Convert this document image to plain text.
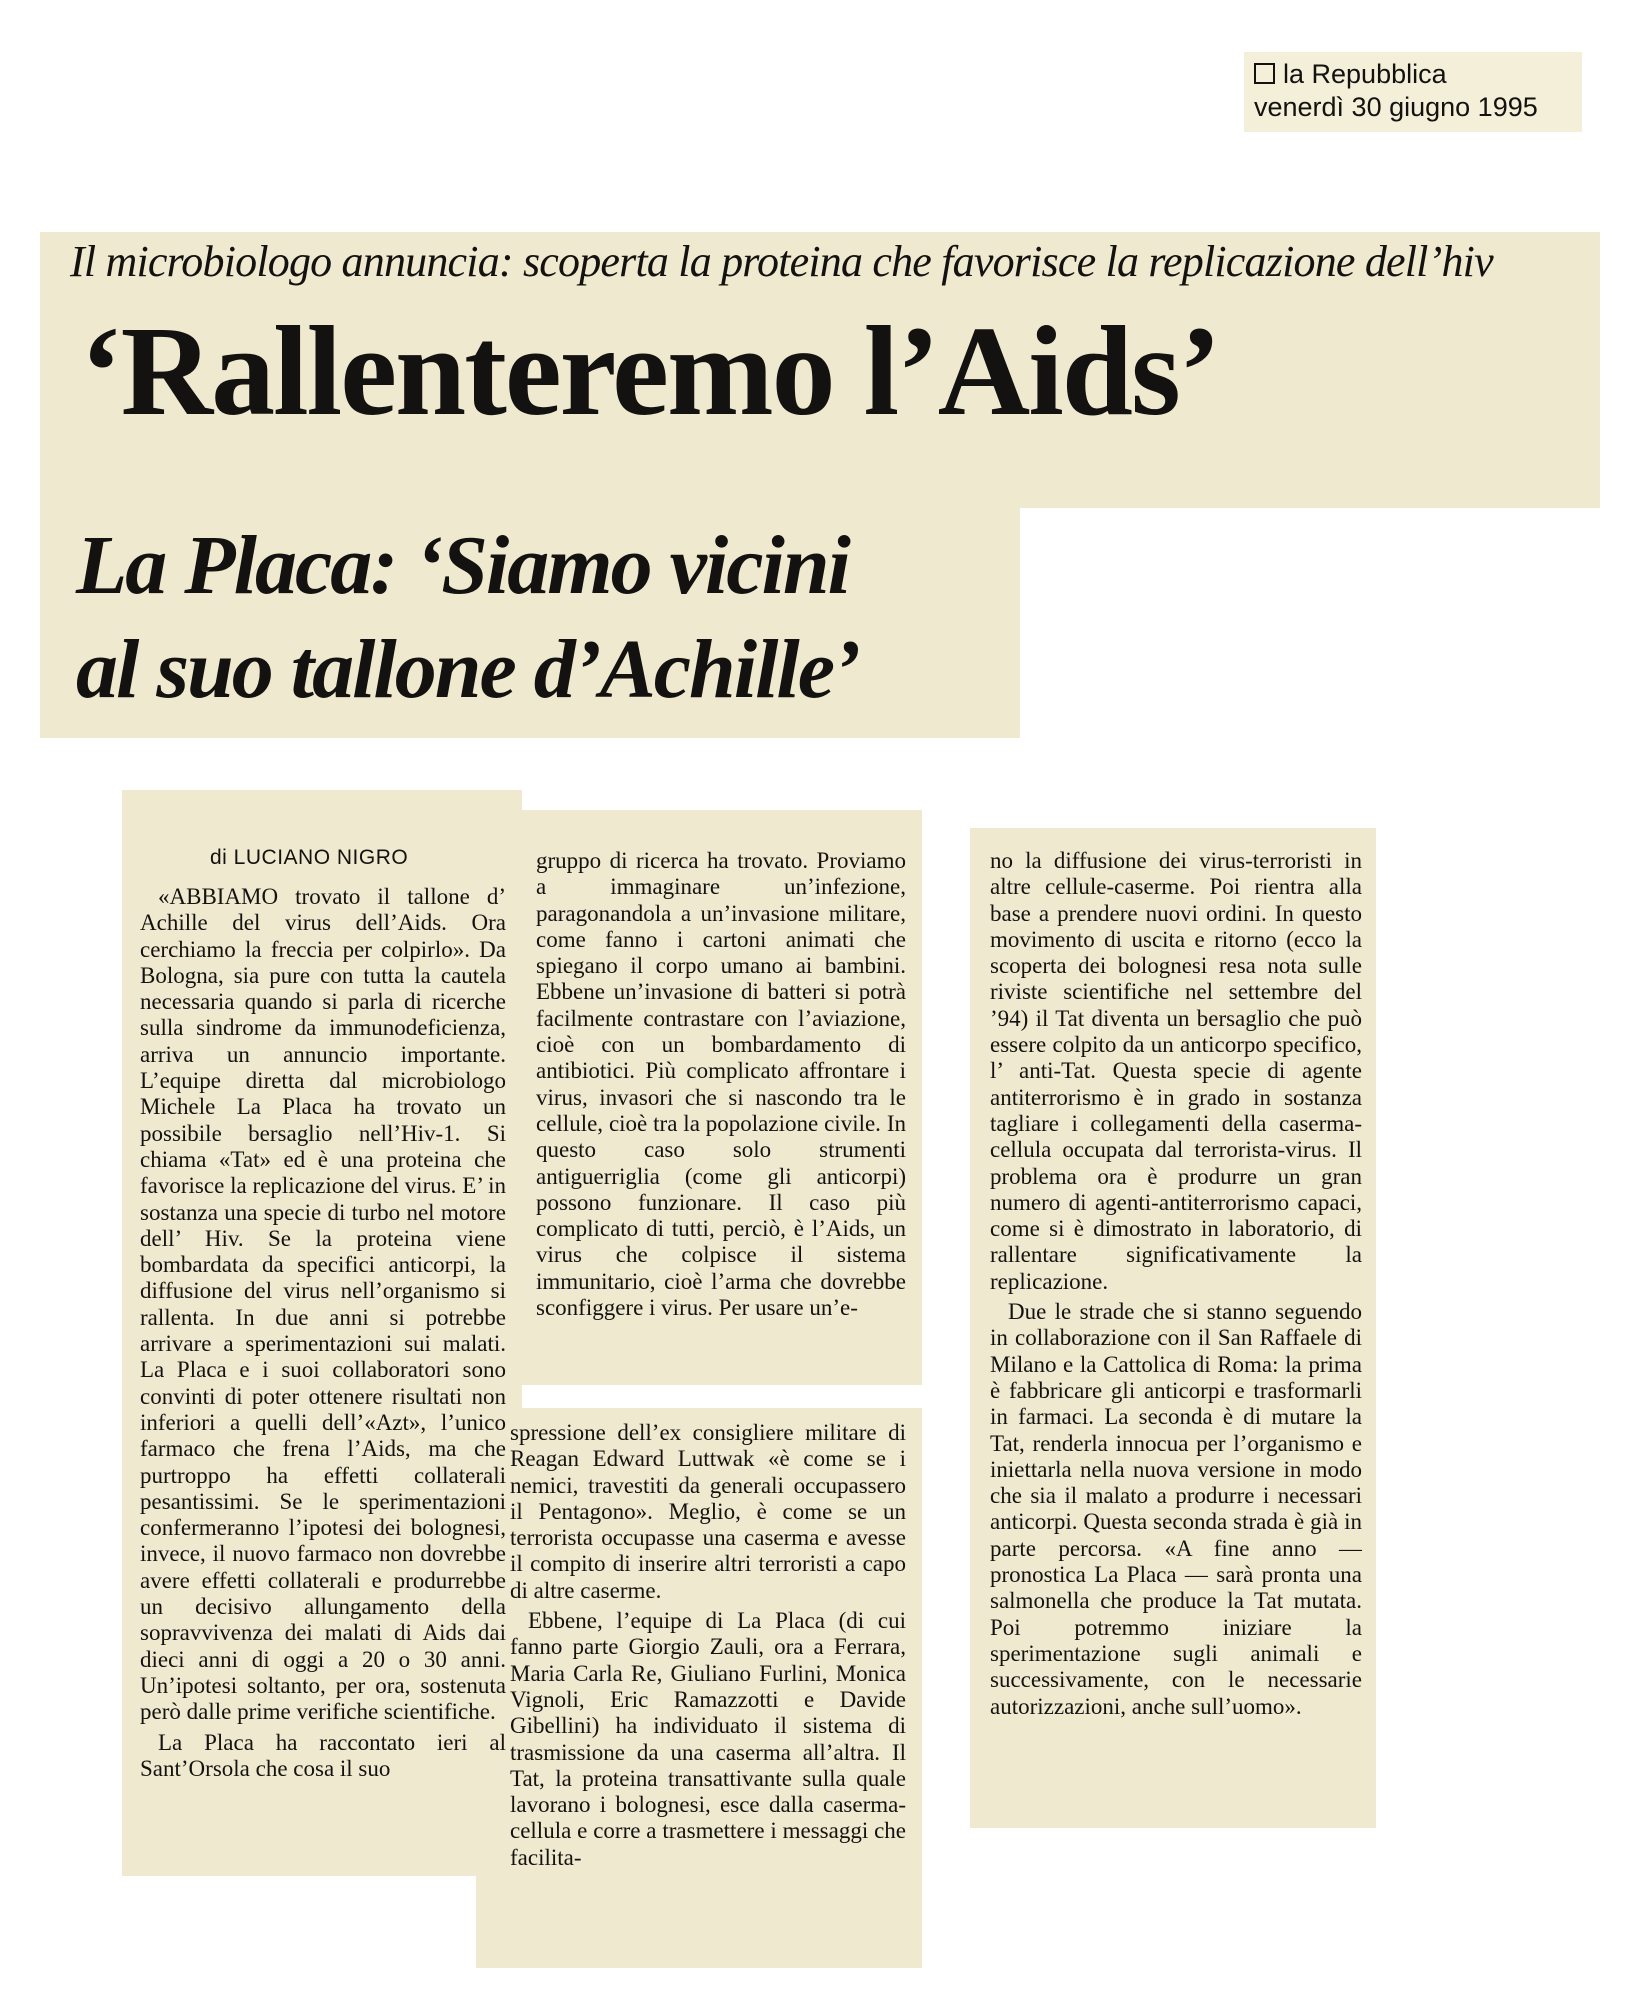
la Repubblica
venerdì 30 giugno 1995
Il microbiologo annuncia: scoperta la proteina che favorisce la replicazione dell’hiv
‘Rallenteremo l’Aids’
La Placa: ‘Siamo vicini
al suo tallone d’Achille’
di LUCIANO NIGRO

«ABBIAMO trovato il tallone d’ Achille del virus dell’Aids. Ora cerchiamo la freccia per colpirlo». Da Bologna, sia pure con tutta la cautela necessaria quando si parla di ricerche sulla sindrome da immunodeficienza, arriva un annuncio importante. L’equipe diretta dal microbiologo Michele La Placa ha trovato un possibile bersaglio nell’Hiv-1. Si chiama «Tat» ed è una proteina che favorisce la replicazione del virus. E’ in sostanza una specie di turbo nel motore dell’ Hiv. Se la proteina viene bombardata da specifici anticorpi, la diffusione del virus nell’organismo si rallenta. In due anni si potrebbe arrivare a sperimentazioni sui malati. La Placa e i suoi collaboratori sono convinti di poter ottenere risultati non inferiori a quelli dell’«Azt», l’unico farmaco che frena l’Aids, ma che purtroppo ha effetti collaterali pesantissimi. Se le sperimentazioni confermeranno l’ipotesi dei bolognesi, invece, il nuovo farmaco non dovrebbe avere effetti collaterali e produrrebbe un decisivo allungamento della sopravvivenza dei malati di Aids dai dieci anni di oggi a 20 o 30 anni. Un’ipotesi soltanto, per ora, sostenuta però dalle prime verifiche scientifiche.

La Placa ha raccontato ieri al Sant’Orsola che cosa il suo

gruppo di ricerca ha trovato. Proviamo a immaginare un’infezione, paragonandola a un’invasione militare, come fanno i cartoni animati che spiegano il corpo umano ai bambini. Ebbene un’invasione di batteri si potrà facilmente contrastare con l’aviazione, cioè con un bombardamento di antibiotici. Più complicato affrontare i virus, invasori che si nascondo tra le cellule, cioè tra la popolazione civile. In questo caso solo strumenti antiguerriglia (come gli anticorpi) possono funzionare. Il caso più complicato di tutti, perciò, è l’Aids, un virus che colpisce il sistema immunitario, cioè l’arma che dovrebbe sconfiggere i virus. Per usare un’e-

spressione dell’ex consigliere militare di Reagan Edward Luttwak «è come se i nemici, travestiti da generali occupassero il Pentagono». Meglio, è come se un terrorista occupasse una caserma e avesse il compito di inserire altri terroristi a capo di altre caserme.

Ebbene, l’equipe di La Placa (di cui fanno parte Giorgio Zauli, ora a Ferrara, Maria Carla Re, Giuliano Furlini, Monica Vignoli, Eric Ramazzotti e Davide Gibellini) ha individuato il sistema di trasmissione da una caserma all’altra. Il Tat, la proteina transattivante sulla quale lavorano i bolognesi, esce dalla caserma-cellula e corre a trasmettere i messaggi che facilita-

no la diffusione dei virus-terroristi in altre cellule-caserme. Poi rientra alla base a prendere nuovi ordini. In questo movimento di uscita e ritorno (ecco la scoperta dei bolognesi resa nota sulle riviste scientifiche nel settembre del ’94) il Tat diventa un bersaglio che può essere colpito da un anticorpo specifico, l’ anti-Tat. Questa specie di agente antiterrorismo è in grado in sostanza tagliare i collegamenti della caserma-cellula occupata dal terrorista-virus. Il problema ora è produrre un gran numero di agenti-antiterrorismo capaci, come si è dimostrato in laboratorio, di rallentare significativamente la replicazione.

Due le strade che si stanno seguendo in collaborazione con il San Raffaele di Milano e la Cattolica di Roma: la prima è fabbricare gli anticorpi e trasformarli in farmaci. La seconda è di mutare la Tat, renderla innocua per l’organismo e iniettarla nella nuova versione in modo che sia il malato a produrre i necessari anticorpi. Questa seconda strada è già in parte percorsa. «A fine anno — pronostica La Placa — sarà pronta una salmonella che produce la Tat mutata. Poi potremmo iniziare la sperimentazione sugli animali e successivamente, con le necessarie autorizzazioni, anche sull’uomo».
